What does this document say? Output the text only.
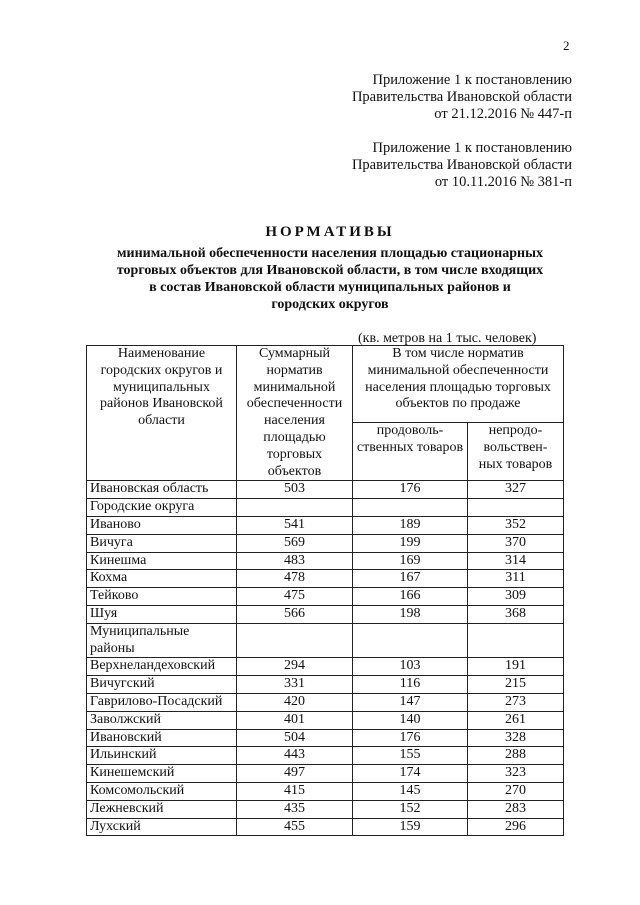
2
Приложение 1 к постановлению
Правительства Ивановской области
от 21.12.2016 № 447-п
Приложение 1 к постановлению
Правительства Ивановской области
от 10.11.2016 № 381-п
НОРМАТИВЫ
минимальной обеспеченности населения площадью стационарных
торговых объектов для Ивановской области, в том числе входящих
в состав Ивановской области муниципальных районов и
городских округов
(кв. метров на 1 тыс. человек)
Наименование городских округов и муниципальных районов Ивановской области	Суммарный норматив минимальной обеспеченности населения площадью торговых объектов	В том числе норматив минимальной обеспеченности населения площадью торговых объектов по продаже	
		продоволь- ственных товаров	непродо- вольствен- ных товаров
Ивановская область	503	176	327
Городские округа			
Иваново	541	189	352
Вичуга	569	199	370
Кинешма	483	169	314
Кохма	478	167	311
Тейково	475	166	309
Шуя	566	198	368
Муниципальные районы			
Верхнеландеховский	294	103	191
Вичугский	331	116	215
Гаврилово-Посадский	420	147	273
Заволжский	401	140	261
Ивановский	504	176	328
Ильинский	443	155	288
Кинешемский	497	174	323
Комсомольский	415	145	270
Лежневский	435	152	283
Лухский	455	159	296
